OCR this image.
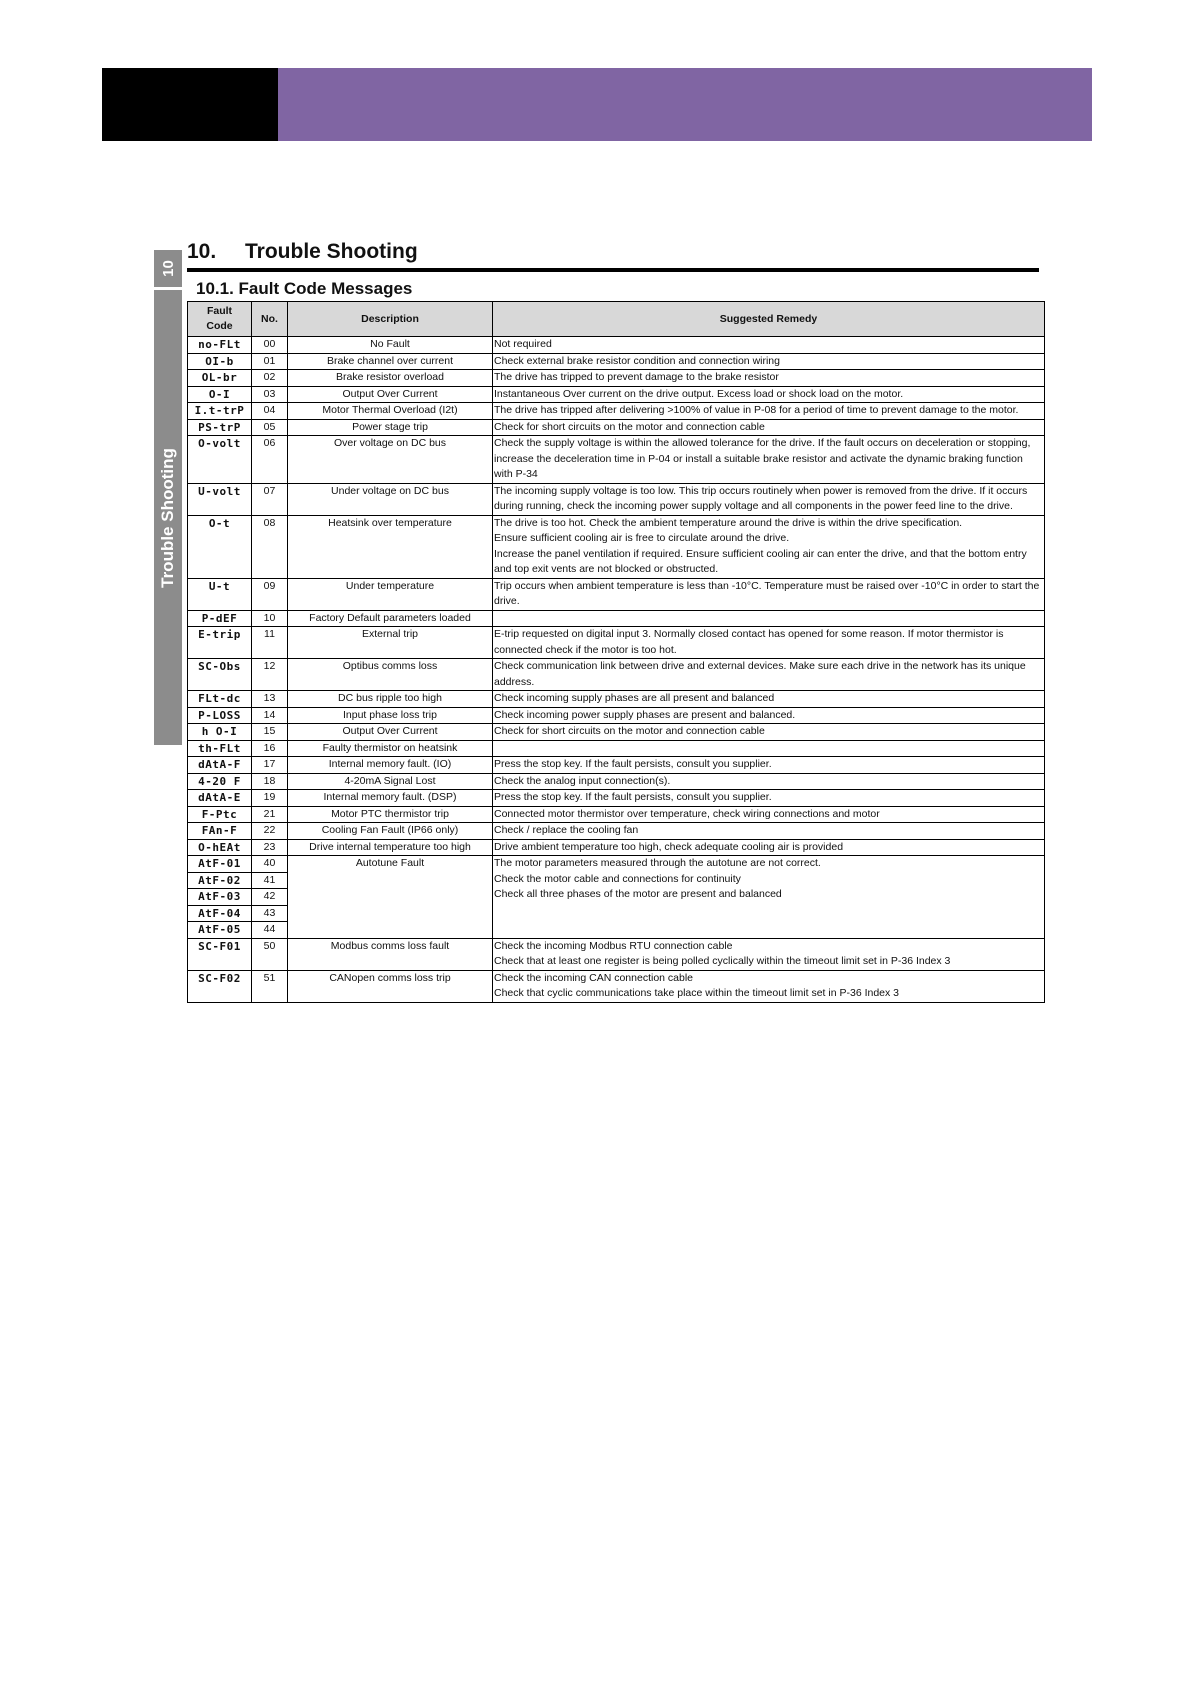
10
Trouble Shooting
10. Trouble Shooting
10.1. Fault Code Messages
Fault
Code	No.	Description	Suggested Remedy
no-FLt	00	No Fault	Not required

OI-b	01	Brake channel over current	Check external brake resistor condition and connection wiring

OL-br	02	Brake resistor overload	The drive has tripped to prevent damage to the brake resistor

O-I	03	Output Over Current	Instantaneous Over current on the drive output. Excess load or shock load on the motor.

I.t-trP	04	Motor Thermal Overload (I2t)	The drive has tripped after delivering >100% of value in P-08 for a period of time to prevent damage to the motor.

PS-trP	05	Power stage trip	Check for short circuits on the motor and connection cable

O-volt	06	Over voltage on DC bus	Check the supply voltage is within the allowed tolerance for the drive. If the fault occurs on deceleration or stopping, increase the deceleration time in P-04 or install a suitable brake resistor and activate the dynamic braking function with P-34

U-volt	07	Under voltage on DC bus	The incoming supply voltage is too low. This trip occurs routinely when power is removed from the drive. If it occurs during running, check the incoming power supply voltage and all components in the power feed line to the drive.

O-t	08	Heatsink over temperature	The drive is too hot. Check the ambient temperature around the drive is within the drive specification.
Ensure sufficient cooling air is free to circulate around the drive.
Increase the panel ventilation if required. Ensure sufficient cooling air can enter the drive, and that the bottom entry and top exit vents are not blocked or obstructed.

U-t	09	Under temperature	Trip occurs when ambient temperature is less than -10°C. Temperature must be raised over -10°C in order to start the drive.

P-dEF	10	Factory Default parameters loaded	
E-trip	11	External trip	E-trip requested on digital input 3. Normally closed contact has opened for some reason. If motor thermistor is connected check if the motor is too hot.

SC-Obs	12	Optibus comms loss	Check communication link between drive and external devices. Make sure each drive in the network has its unique address.

FLt-dc	13	DC bus ripple too high	Check incoming supply phases are all present and balanced

P-LOSS	14	Input phase loss trip	Check incoming power supply phases are present and balanced.

h O-I	15	Output Over Current	Check for short circuits on the motor and connection cable

th-FLt	16	Faulty thermistor on heatsink	
dAtA-F	17	Internal memory fault. (IO)	Press the stop key. If the fault persists, consult you supplier.

4-20 F	18	4-20mA Signal Lost	Check the analog input connection(s).

dAtA-E	19	Internal memory fault. (DSP)	Press the stop key. If the fault persists, consult you supplier.

F-Ptc	21	Motor PTC thermistor trip	Connected motor thermistor over temperature, check wiring connections and motor

FAn-F	22	Cooling Fan Fault (IP66 only)	Check / replace the cooling fan

O-hEAt	23	Drive internal temperature too high	Drive ambient temperature too high, check adequate cooling air is provided

AtF-01	40	Autotune Fault	The motor parameters measured through the autotune are not correct.
Check the motor cable and connections for continuity
Check all three phases of the motor are present and balanced

AtF-02	41		
AtF-03	42		
AtF-04	43		
AtF-05	44		
SC-F01	50	Modbus comms loss fault	Check the incoming Modbus RTU connection cable
Check that at least one register is being polled cyclically within the timeout limit set in P-36 Index 3

SC-F02	51	CANopen comms loss trip	Check the incoming CAN connection cable
Check that cyclic communications take place within the timeout limit set in P-36 Index 3
